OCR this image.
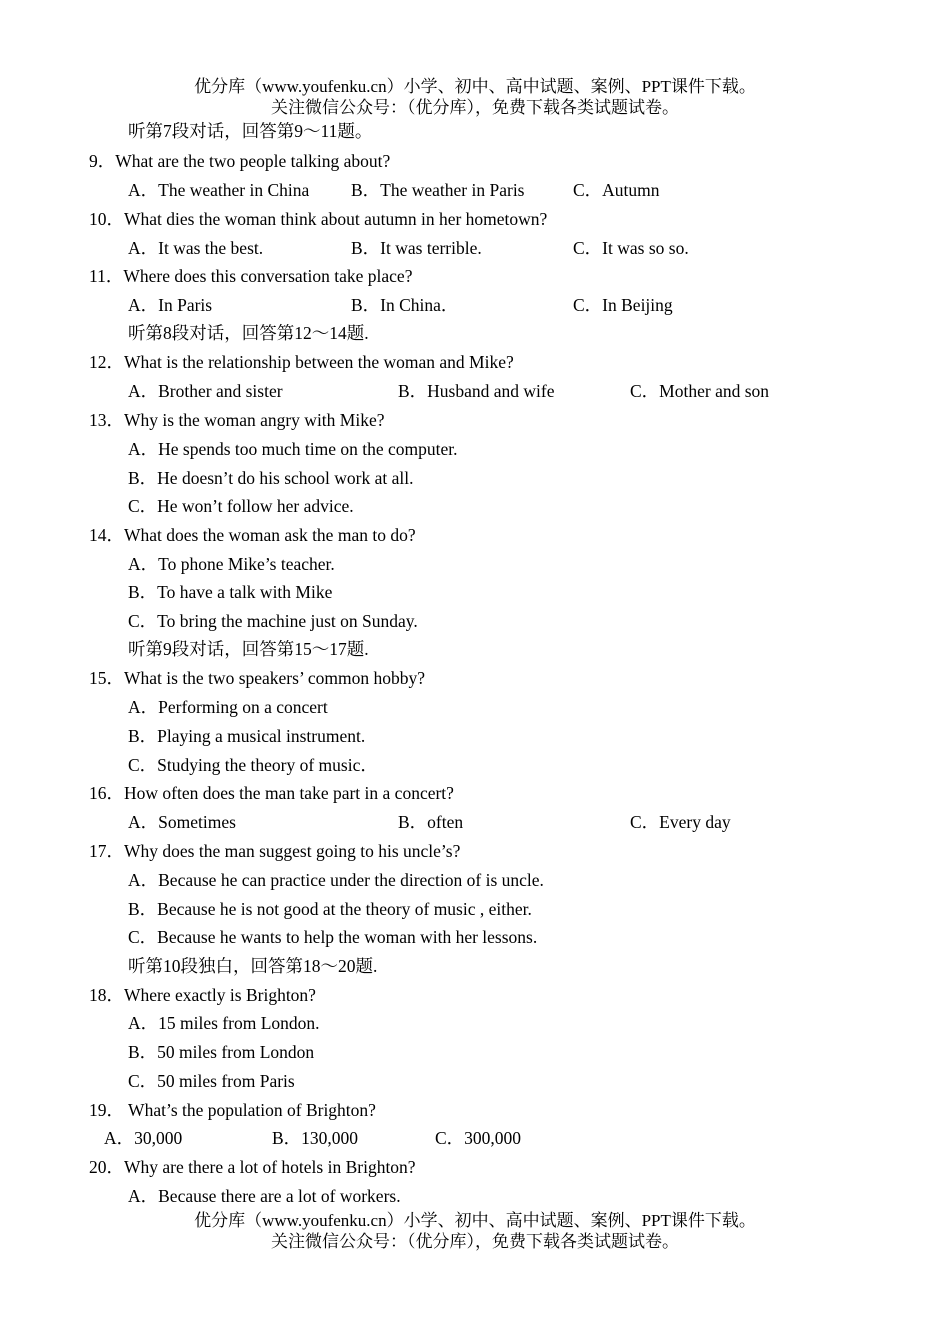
优分库（www.youfenku.cn）小学、初中、高中试题、案例、PPT课件下载。
关注微信公众号：（优分库），免费下载各类试题试卷。
听第7段对话，回答第9～11题。
9．What are the two people talking about?
A．The weather in China B．The weather in Paris	C．Autumn
10．What dies the woman think about autumn in her hometown?
A．It was the best.	B．It was terrible.	C．It was so so.
11．Where does this conversation take place?
A．In Paris	B．In China．	C．In Beijing
听第8段对话，回答第12～14题.
12．What is the relationship between the woman and Mike?
A．Brother and sister	B．Husband and wife	C．Mother and son
13．Why is the woman angry with Mike?
A．He spends too much time on the computer.
B．He doesn’t do his school work at all.
C．He won’t follow her advice.
14．What does the woman ask the man to do?
A．To phone Mike’s teacher.
B．To have a talk with Mike
C．To bring the machine just on Sunday.
听第9段对话，回答第15～17题.
15．What is the two speakers’ common hobby?
A．Performing on a concert
B．Playing a musical instrument.
C．Studying the theory of music．
16．How often does the man take part in a concert?
A．Sometimes	B．often	C．Every day
17．Why does the man suggest going to his uncle’s?
A．Because he can practice under the direction of is uncle.
B．Because he is not good at the theory of music , either.
C．Because he wants to help the woman with her lessons.
听第10段独白，回答第18～20题.
18．Where exactly is Brighton?
A．15 miles from London.
B．50 miles from London
C．50 miles from Paris
19． What’s the population of Brighton?
A．30,000	B．130,000	C．300,000
20．Why are there a lot of hotels in Brighton?
A．Because there are a lot of workers.
优分库（www.youfenku.cn）小学、初中、高中试题、案例、PPT课件下载。
关注微信公众号：（优分库），免费下载各类试题试卷。
